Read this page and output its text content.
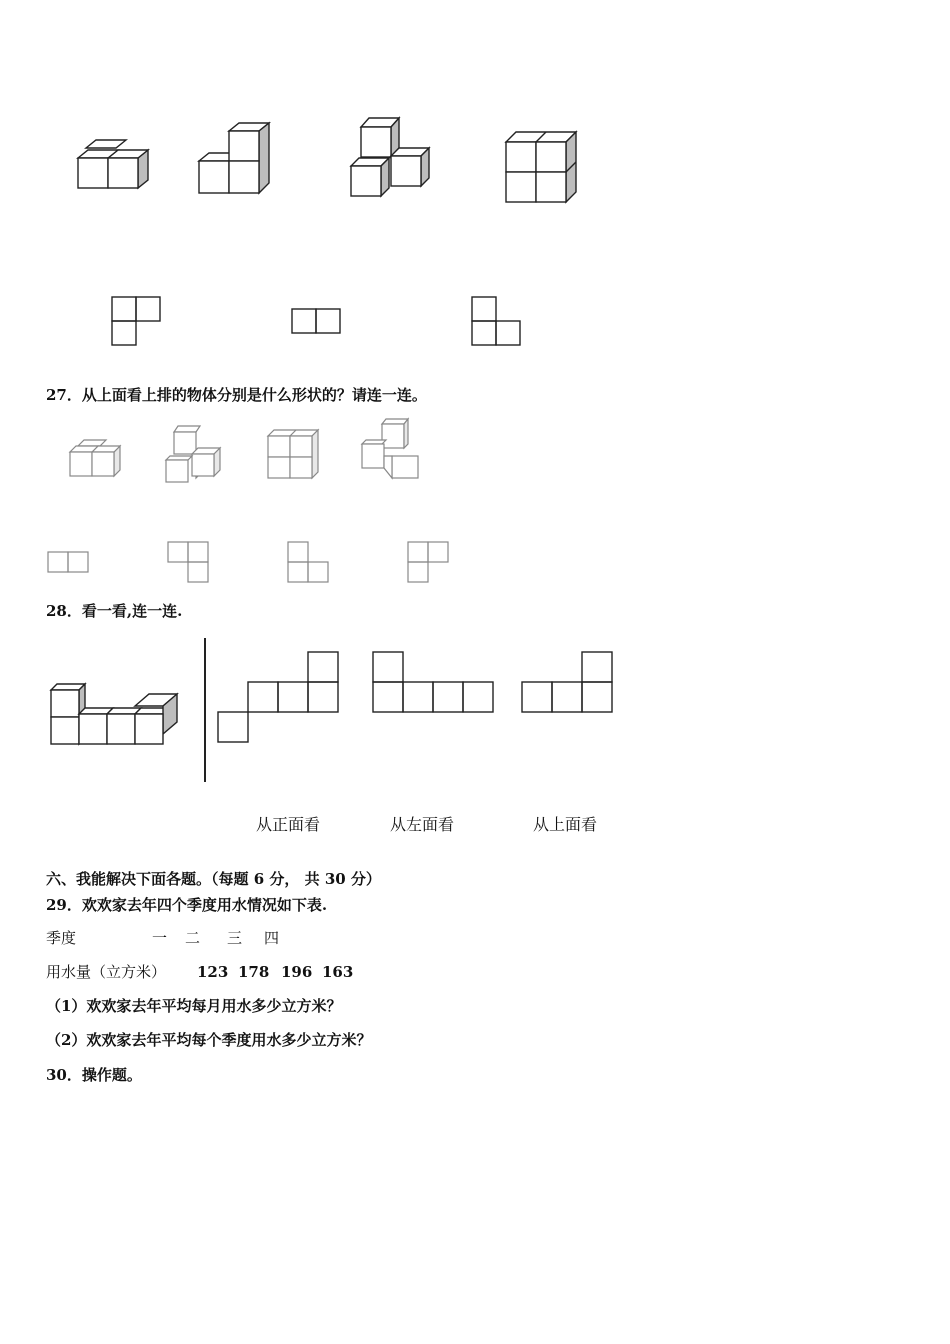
27．从上面看上排的物体分别是什么形状的？请连一连。
28．看一看,连一连.
从正面看	从左面看	从上面看
六、我能解决下面各题。（每题 6 分， 共 30 分）
29．欢欢家去年四个季度用水情况如下表.
季度	一 二 三 四
用水量（立方米） 123 178 196 163
（1）欢欢家去年平均每月用水多少立方米？
（2）欢欢家去年平均每个季度用水多少立方米？
30．操作题。
